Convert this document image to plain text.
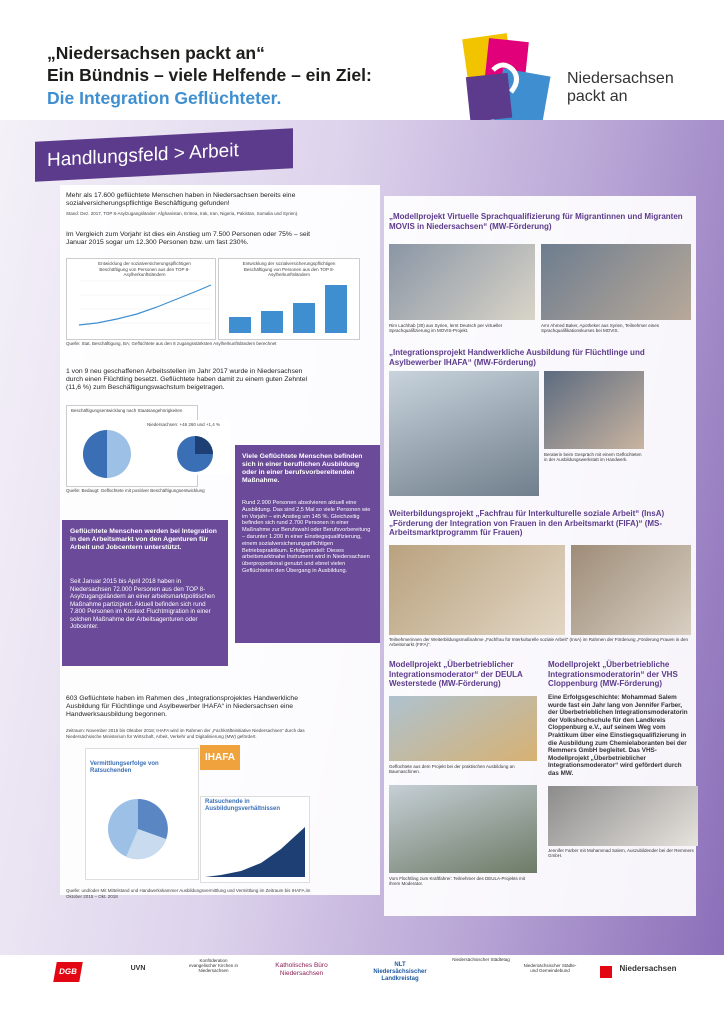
„Niedersachsen packt an“
Ein Bündnis – viele Helfende – ein Ziel:
Die Integration Geflüchteter.
Niedersachsen
packt an
Handlungsfeld > Arbeit
Mehr als 17.600 geflüchtete Menschen haben in Niedersachsen bereits eine sozialversicherungspflichtige Beschäftigung gefunden!
Stand: Dez. 2017, TOP 8-Asylzugangsländer: Afghanistan, Eritrea, Irak, Iran, Nigeria, Pakistan, Somalia und Syrien).
Im Vergleich zum Vorjahr ist dies ein Anstieg um 7.500 Personen oder 75% – seit Januar 2015 sogar um 12.300 Personen bzw. um fast 230%.
Entwicklung der sozialversicherungspflichtigen Beschäftigung von Personen aus den TOP 8-Asylherkunftsländern
Entwicklung der sozialversicherungspflichtigen Beschäftigung von Personen aus den TOP 8-Asylherkunftsländern
Quelle: Stat. Beschäftigung, BA; Geflüchtete aus den 8 zugangsstärksten Asylherkunftsländern berechnet
1 von 9 neu geschaffenen Arbeitsstellen im Jahr 2017 wurde in Niedersachsen durch einen Flüchtling besetzt. Geflüchtete haben damit zu einem guten Zehntel (11,6 %) zum Beschäftigungswachstum beigetragen.
Beschäftigungsentwicklung nach Staatsangehörigkeiten
Niedersachsen: +46 260 und +1,4 %
Quelle: Bedaugt: Geflüchtete mit positiver Beschäftigungsentwicklung
Geflüchtete Menschen werden bei Integration in den Arbeitsmarkt von den Agenturen für Arbeit und Jobcentern unterstützt.
Seit Januar 2015 bis April 2018 haben in Niedersachsen 72.000 Personen aus den TOP 8-Asylzugangsländern an einer arbeitsmarktpolitischen Maßnahme partizipiert. Aktuell befinden sich rund 7.800 Personen im Kontext Fluchtmigration in einer solchen Maßnahme der Arbeitsagenturen oder Jobcenter.
Viele Geflüchtete Menschen befinden sich in einer beruflichen Ausbildung oder in einer berufsvorbereitenden Maßnahme.
Rund 2.900 Personen absolvieren aktuell eine Ausbildung. Das sind 2,5 Mal so viele Personen wie im Vorjahr – ein Anstieg um 145 %. Gleichzeitig befinden sich rund 2.700 Personen in einer Maßnahme zur Berufswahl oder Berufsvorbereitung – darunter 1.200 in einer Einstiegsqualifizierung, einem sozialversicherungspflichtigen Betriebspraktikum. Erfolgsmodell: Dieses arbeitsmarktnahe Instrument wird in Niedersachsen überproportional genutzt und ebnet vielen Geflüchteten den Übergang in Ausbildung.
603 Geflüchtete haben im Rahmen des „Integrationsprojektes Handwerkliche Ausbildung für Flüchtlinge und Asylbewerber IHAFA“ in Niedersachsen eine Handwerksausbildung begonnen.
Zeitraum: November 2015 bis Oktober 2018; IHAFA wird im Rahmen der „Fachkräfteinitiative Niedersachsen“ durch das Niedersächsische Ministerium für Wirtschaft, Arbeit, Verkehr und Digitalisierung (MW) gefördert.
Vermittlungserfolge von Ratsuchenden
IHAFA
Ratsuchende in Ausbildungsverhältnissen
Quelle: und/oder Mit Mittelstand und Handwerkskammer Ausbildungsvermittlung und Vermittlung im Zeitraum bis IHAFA im Oktober 2015 – Okt. 2018
„Modellprojekt Virtuelle Sprachqualifizierung für Migrantinnen und Migranten MOVIS in Niedersachsen“ (MW-Förderung)
Rim Lachhab (30) aus Syrien, lernt Deutsch per virtueller Sprachqualifizierung im MOVIS-Projekt.
Amr Ahmed Baker, Apotheker aus Syrien, Teilnehmer eines Sprachqualifikationskurses bei MOVIS.
„Integrationsprojekt Handwerkliche Ausbildung für Flüchtlinge und Asylbewerber IHAFA“ (MW-Förderung)
Beraterin beim Gespräch mit einem Geflüchteten in der Ausbildungswerkstatt im Handwerk.
Weiterbildungsprojekt „Fachfrau für Interkulturelle soziale Arbeit“ (InsA) „Förderung der Integration von Frauen in den Arbeitsmarkt (FIFA)“ (MS-Arbeitsmarktprogramm für Frauen)
Teilnehmerinnen der Weiterbildungsmaßnahme „Fachfrau für Interkulturelle soziale Arbeit“ (InsA) im Rahmen der Förderung „Förderung Frauen in den Arbeitsmarkt (FIFA)“.
Modellprojekt „Überbetrieblicher Integrationsmoderator“ der DEULA Westerstede (MW-Förderung)
Geflüchtete aus dem Projekt bei der praktischen Ausbildung an Baumaschinen.
Vom Flüchtling zum Kraftfahrer: Teilnehmer des DEULA-Projekts mit ihrem Moderator.
Modellprojekt „Überbetriebliche Integrationsmoderatorin“ der VHS Cloppenburg (MW-Förderung)
Eine Erfolgsgeschichte: Mohammad Salem wurde fast ein Jahr lang von Jennifer Farber, der Überbetrieblichen Integrationsmoderatorin der Volkshochschule für den Landkreis Cloppenburg e.V., auf seinem Weg vom Praktikum über eine Einstiegsqualifizierung in die Ausbildung zum Chemielaboranten bei der Remmers GmbH begleitet. Das VHS-Modellprojekt „Überbetrieblicher Integrationsmoderator“ wird gefördert durch das MW.
Jennifer Farber mit Mohammad Salem, Auszubildender bei der Remmers GmbH.
DGB	UVN
Konföderation evangelischer Kirchen in Niedersachsen
Katholisches Büro Niedersachsen
NLT Niedersächsischer Landkreistag
Niedersächsischer Städtetag
Niedersächsischer Städte- und Gemeindebund	Niedersachsen
